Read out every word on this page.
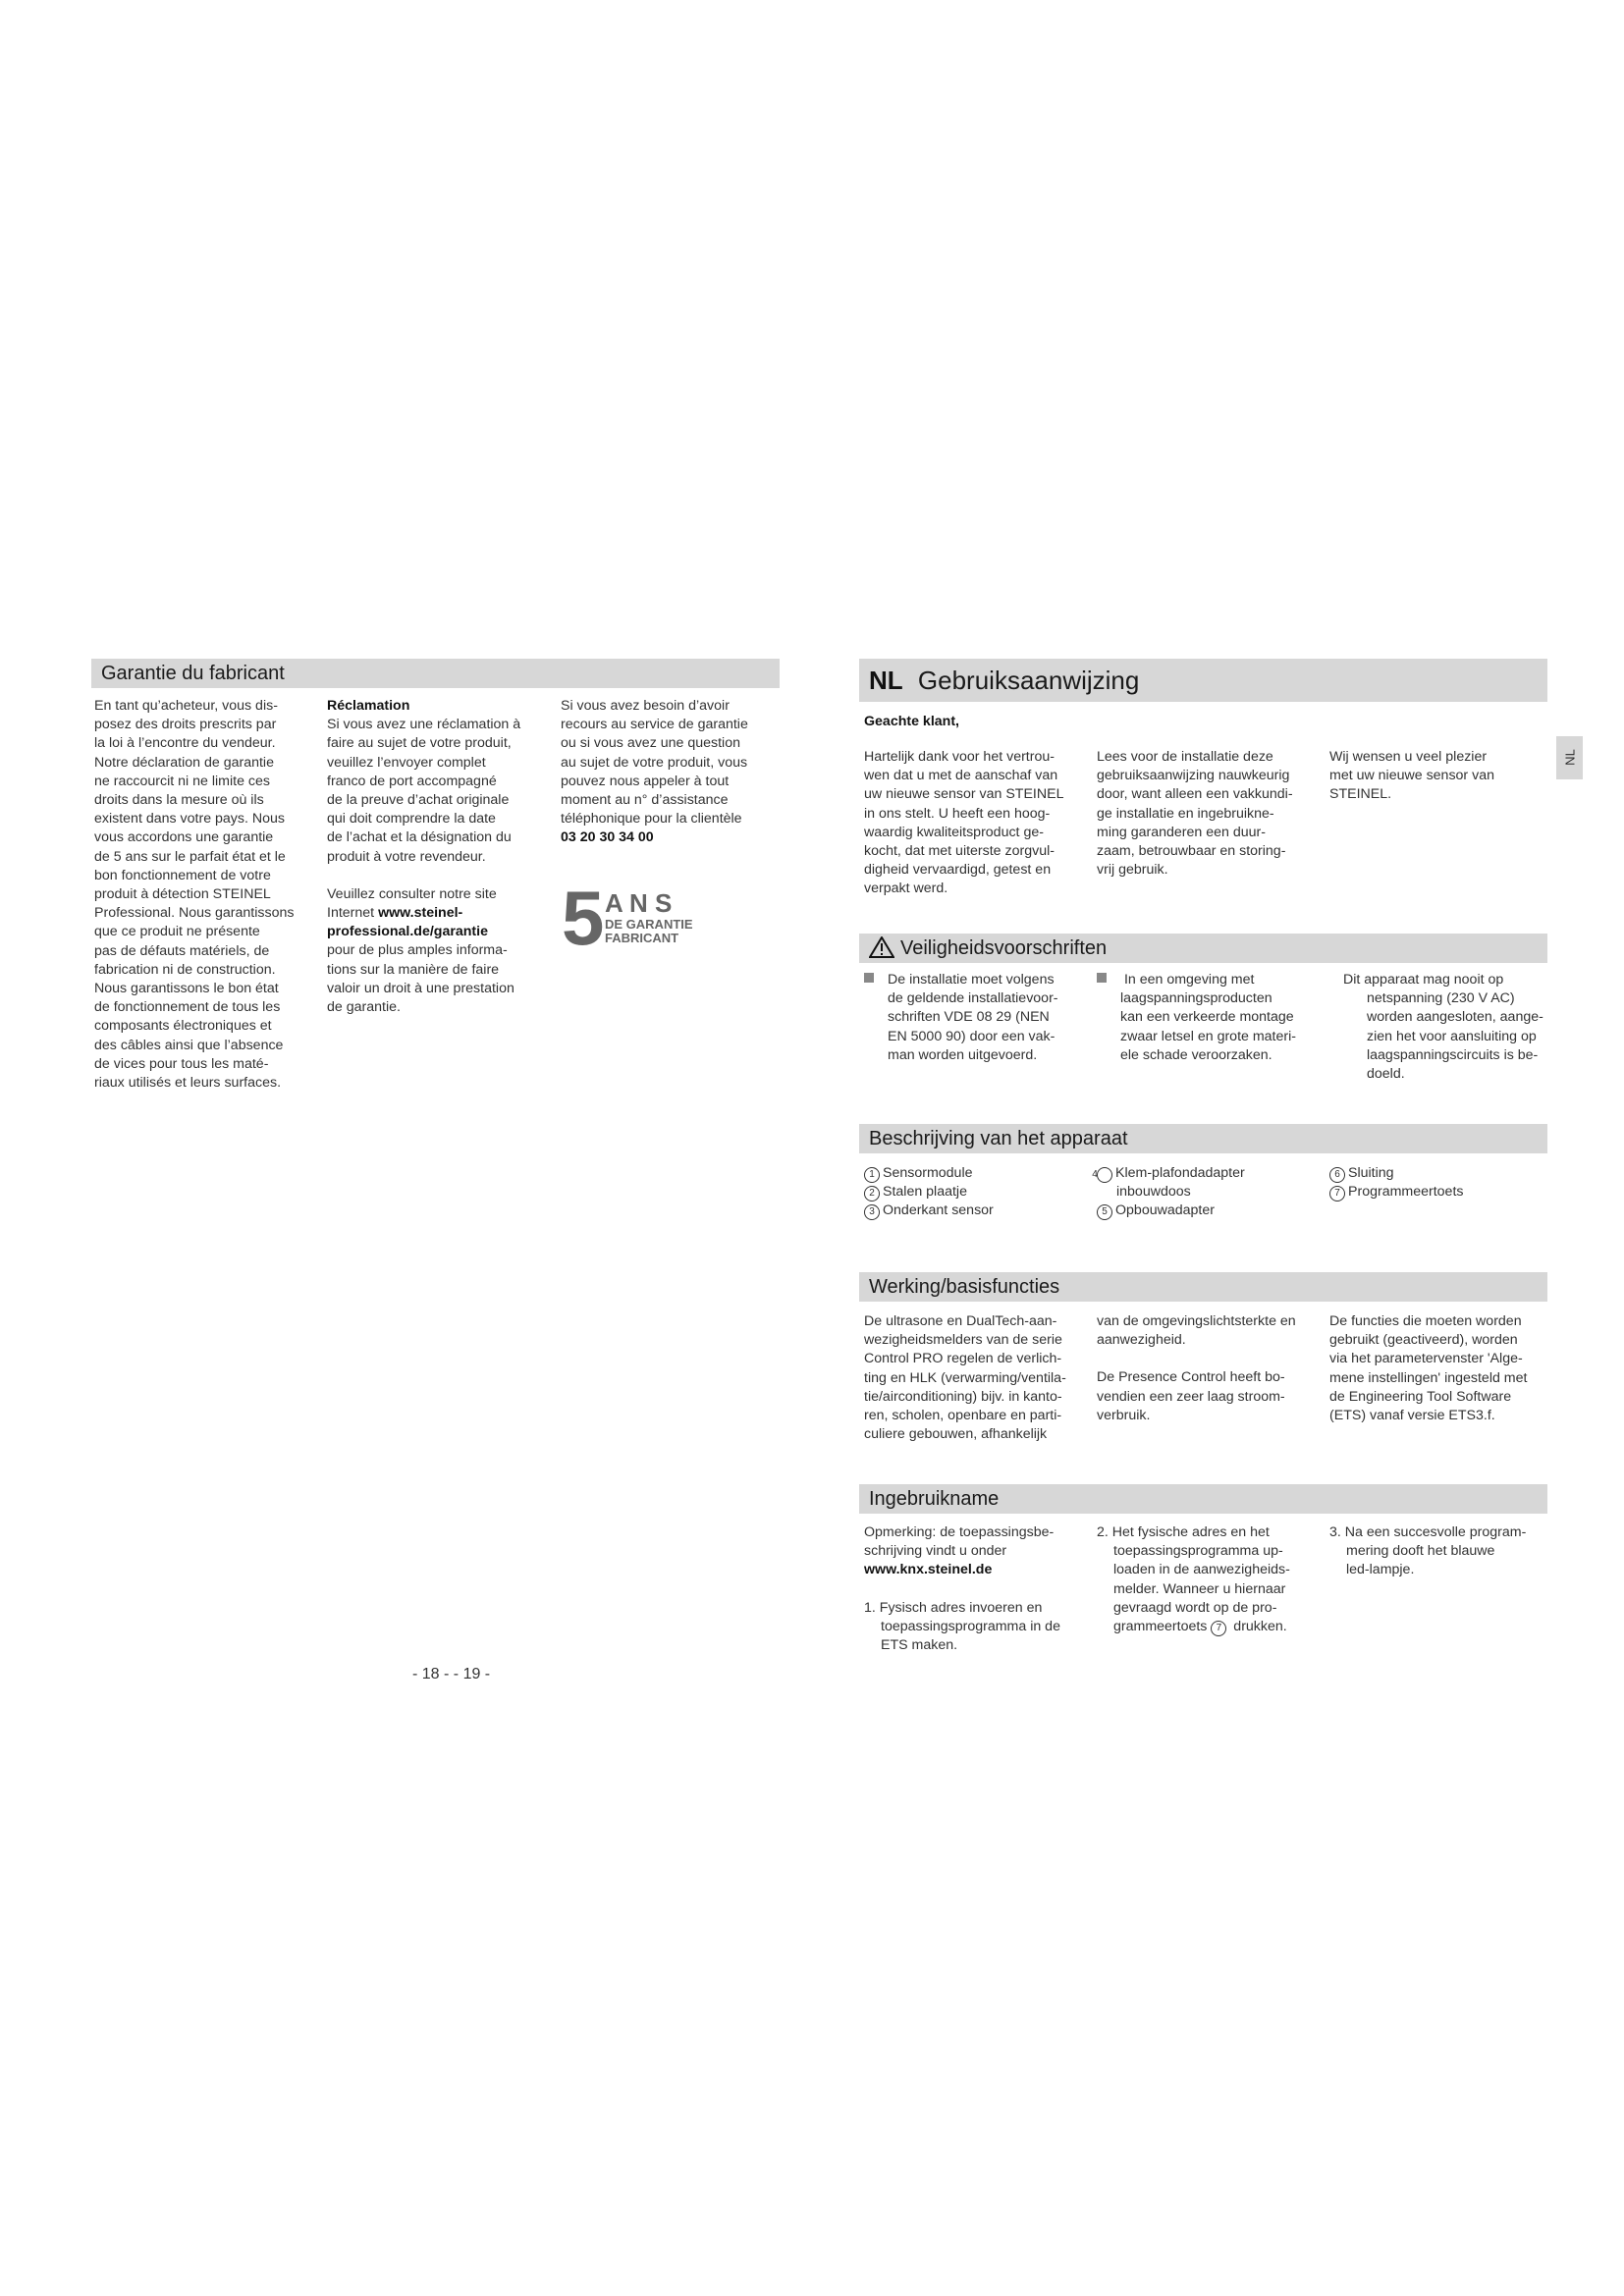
Garantie du fabricant

En tant qu’acheteur, vous dis-
posez des droits prescrits par
la loi à l’encontre du vendeur.
Notre déclaration de garantie
ne raccourcit ni ne limite ces
droits dans la mesure où ils
existent dans votre pays. Nous
vous accordons une garantie
de 5 ans sur le parfait état et le
bon fonctionnement de votre
produit à détection STEINEL
Professional. Nous garantissons
que ce produit ne présente
pas de défauts matériels, de
fabrication ni de construction.
Nous garantissons le bon état
de fonctionnement de tous les
composants électroniques et
des câbles ainsi que l’absence
de vices pour tous les maté-
riaux utilisés et leurs surfaces.

Réclamation

Si vous avez une réclamation à
faire au sujet de votre produit,
veuillez l’envoyer complet
franco de port accompagné
de la preuve d’achat originale
qui doit comprendre la date
de l’achat et la désignation du
produit à votre revendeur.

Veuillez consulter notre site
Internet www.steinel-
professional.de/garantie
pour de plus amples informa-
tions sur la manière de faire
valoir un droit à une prestation
de garantie.

Si vous avez besoin d’avoir
recours au service de garantie
ou si vous avez une question
au sujet de votre produit, vous
pouvez nous appeler à tout
moment au n° d’assistance
téléphonique pour la clientèle

03 20 30 34 00

5 A N S
DE GARANTIE
FABRICANT
- 18 - - 19 -
NL Gebruiksaanwijzing
NL

Geachte klant,

Hartelijk dank voor het vertrou-
wen dat u met de aanschaf van
uw nieuwe sensor van STEINEL
in ons stelt. U heeft een hoog-
waardig kwaliteitsproduct ge-
kocht, dat met uiterste zorgvul-
digheid vervaardigd, getest en
verpakt werd.

Lees voor de installatie deze
gebruiksaanwijzing nauwkeurig
door, want alleen een vakkundi-
ge installatie en ingebruikne-
ming garanderen een duur-
zaam, betrouwbaar en storing-
vrij gebruik.

Wij wensen u veel plezier
met uw nieuwe sensor van
STEINEL.

Veiligheidsvoorschriften

De installatie moet volgens
de geldende installatievoor-
schriften VDE 08 29 (NEN
EN 5000 90) door een vak-
man worden uitgevoerd.

In een omgeving met
laagspanningsproducten
kan een verkeerde montage
zwaar letsel en grote materi-
ele schade veroorzaken.

Dit apparaat mag nooit op
netspanning (230 V AC)
worden aangesloten, aange-
zien het voor aansluiting op
laagspanningscircuits is be-
doeld.

Beschrijving van het apparaat

1 Sensormodule

2 Stalen plaatje

3 Onderkant sensor

4 Klem-plafondadapter
inbouwdoos

5 Opbouwadapter

6 Sluiting

7 Programmeertoets

Werking/basisfuncties

De ultrasone en DualTech-aan-
wezigheidsmelders van de serie
Control PRO regelen de verlich-
ting en HLK (verwarming/ventila-
tie/airconditioning) bijv. in kanto-
ren, scholen, openbare en parti-
culiere gebouwen, afhankelijk

van de omgevingslichtsterkte en
aanwezigheid.

De Presence Control heeft bo-
vendien een zeer laag stroom-
verbruik.

De functies die moeten worden
gebruikt (geactiveerd), worden
via het parametervenster 'Alge-
mene instellingen' ingesteld met
de Engineering Tool Software
(ETS) vanaf versie ETS3.f.

Ingebruikname

Opmerking: de toepassingsbe-
schrijving vindt u onder

www.knx.steinel.de

1. Fysisch adres invoeren en
toepassingsprogramma in de
ETS maken.

2. Het fysische adres en het
toepassingsprogramma up-
loaden in de aanwezigheids-
melder. Wanneer u hiernaar
gevraagd wordt op de pro-
grammeertoets 7 drukken.

3. Na een succesvolle program-
mering dooft het blauwe
led-lampje.
